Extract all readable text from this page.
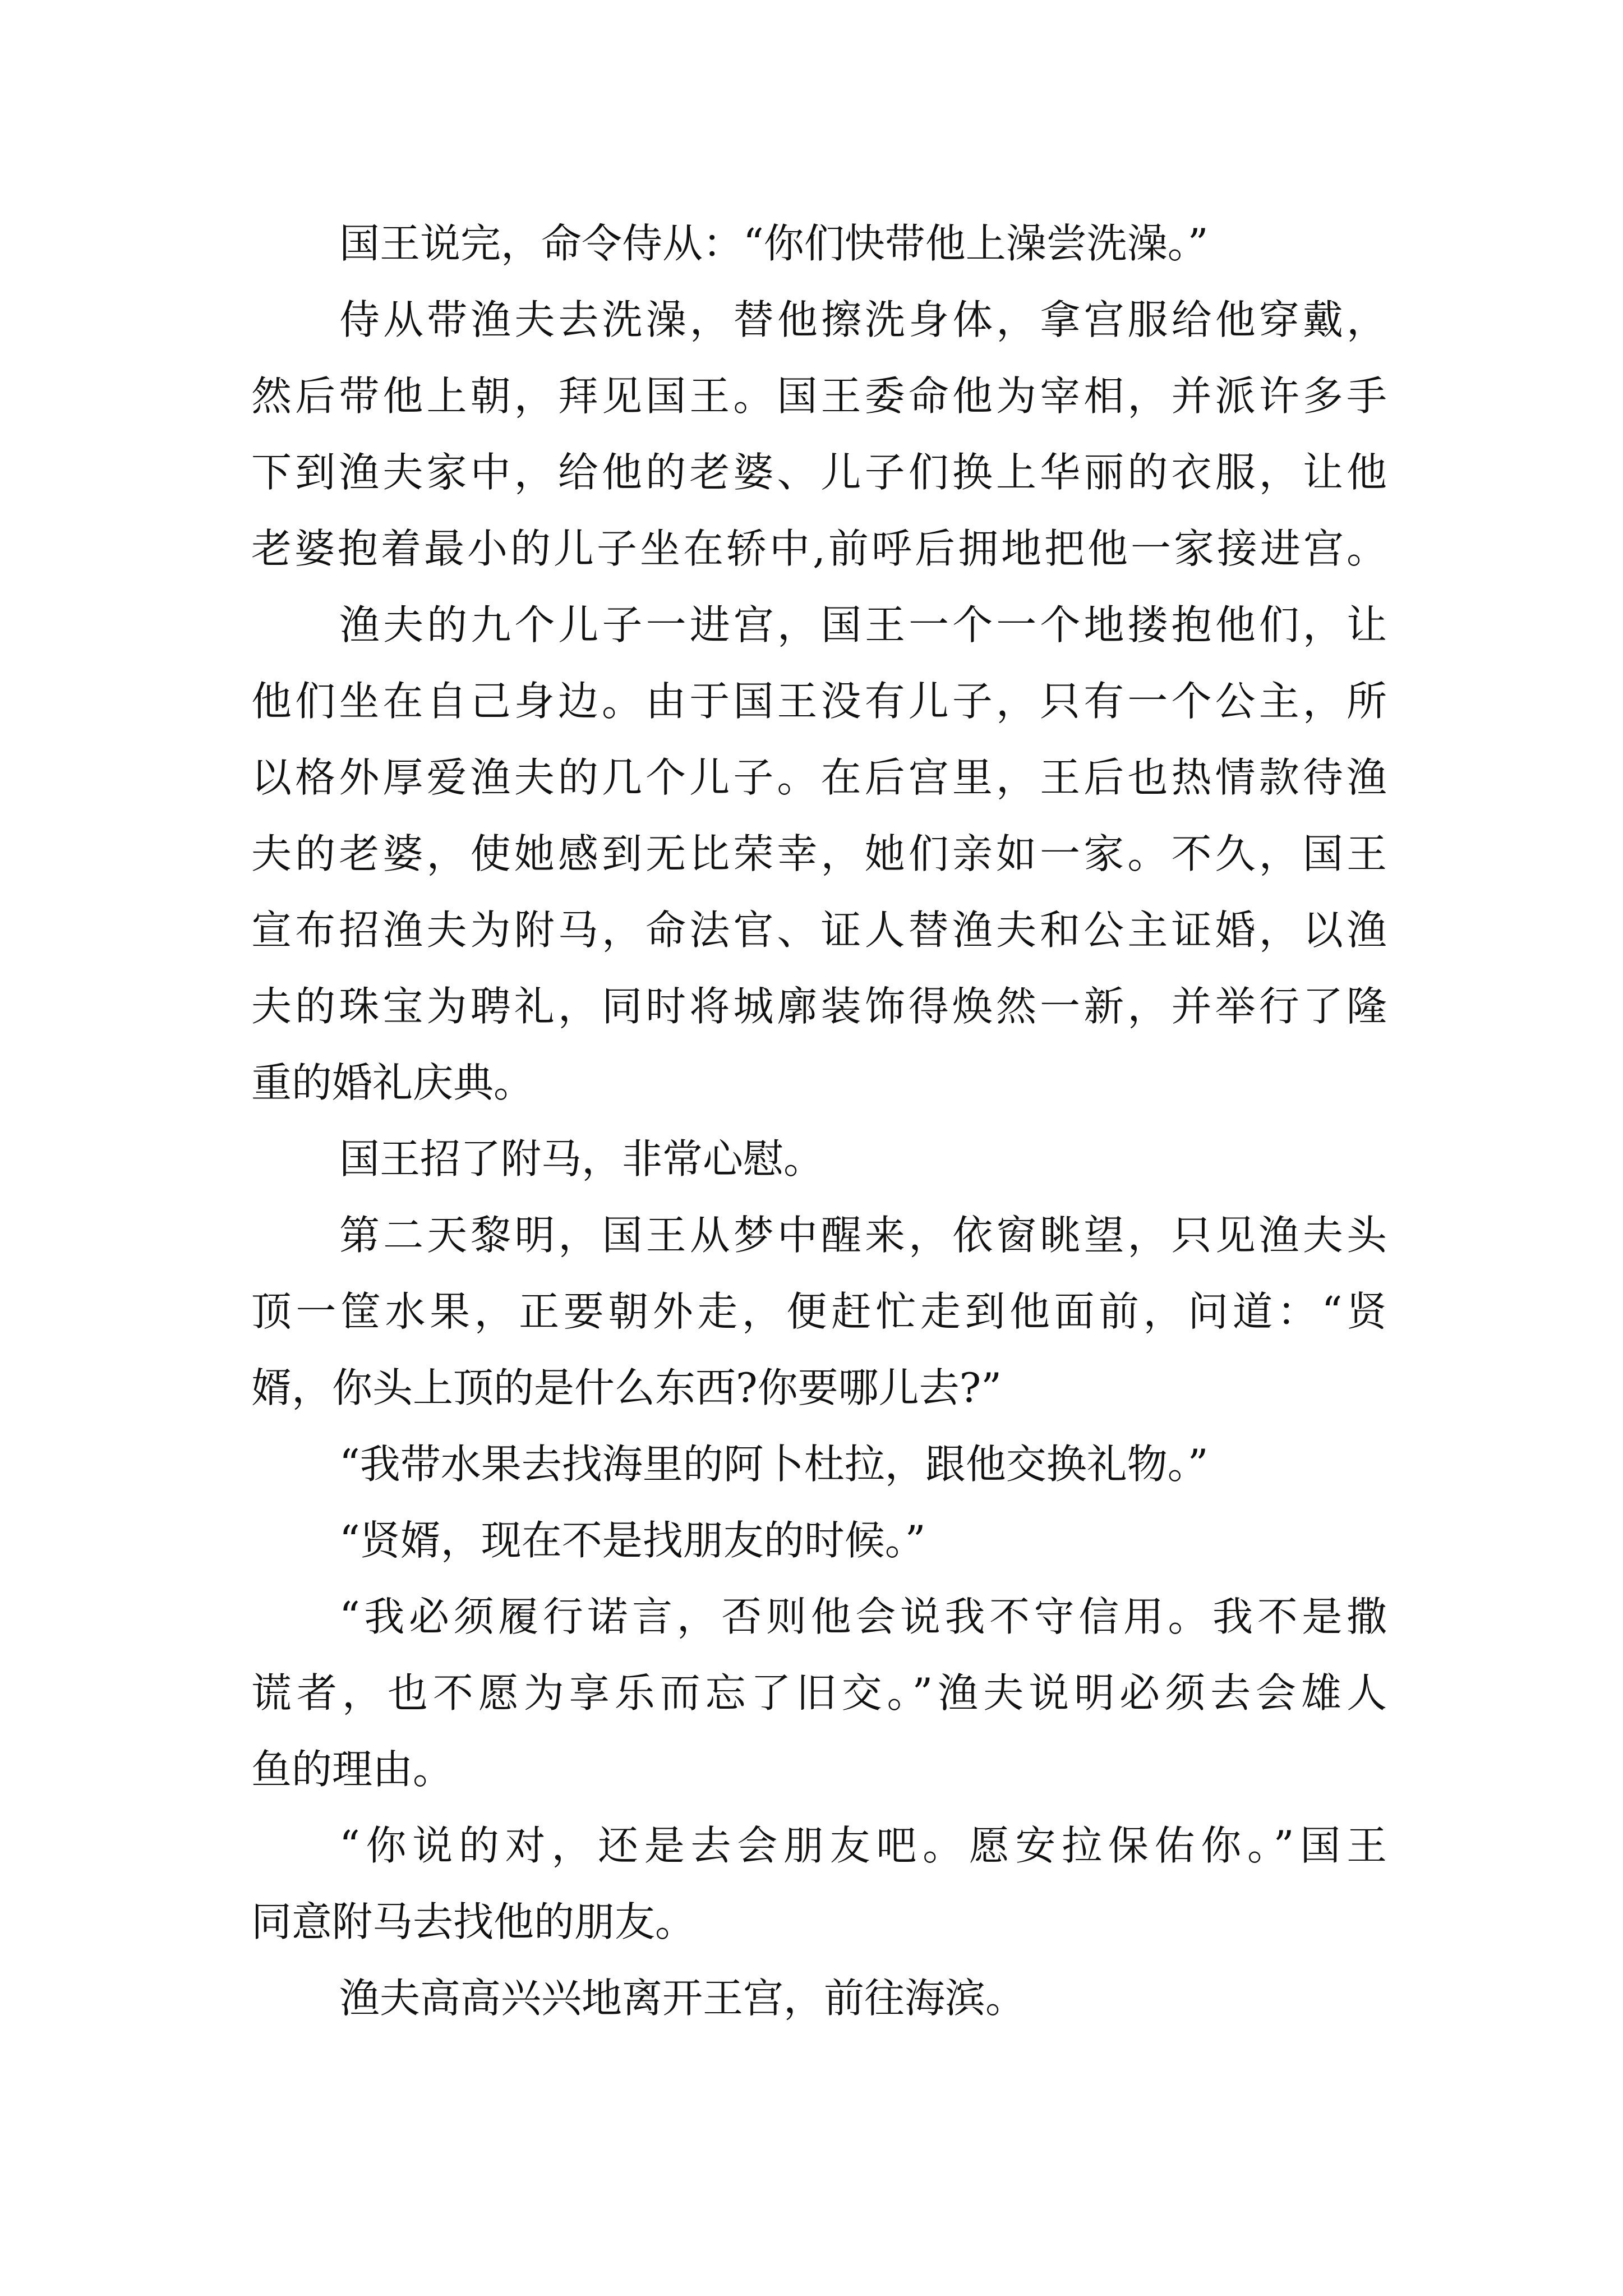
国王说完，命令侍从：“你们快带他上澡尝洗澡。”
侍从带渔夫去洗澡，替他擦洗身体，拿宫服给他穿戴，
然后带他上朝，拜见国王。国王委命他为宰相，并派许多手
下到渔夫家中，给他的老婆、儿子们换上华丽的衣服，让他
老婆抱着最小的儿子坐在轿中,前呼后拥地把他一家接进宫。
渔夫的九个儿子一进宫，国王一个一个地搂抱他们，让
他们坐在自己身边。由于国王没有儿子，只有一个公主，所
以格外厚爱渔夫的几个儿子。在后宫里，王后也热情款待渔
夫的老婆，使她感到无比荣幸，她们亲如一家。不久，国王
宣布招渔夫为附马，命法官、证人替渔夫和公主证婚，以渔
夫的珠宝为聘礼，同时将城廓装饰得焕然一新，并举行了隆
重的婚礼庆典。
国王招了附马，非常心慰。
第二天黎明，国王从梦中醒来，依窗眺望，只见渔夫头
顶一筐水果，正要朝外走，便赶忙走到他面前，问道：“贤
婿，你头上顶的是什么东西?你要哪儿去?”
“我带水果去找海里的阿卜杜拉，跟他交换礼物。”
“贤婿，现在不是找朋友的时候。”
“我必须履行诺言，否则他会说我不守信用。我不是撒
谎者，也不愿为享乐而忘了旧交。”渔夫说明必须去会雄人
鱼的理由。
“你说的对，还是去会朋友吧。愿安拉保佑你。”国王
同意附马去找他的朋友。
渔夫高高兴兴地离开王宫，前往海滨。
